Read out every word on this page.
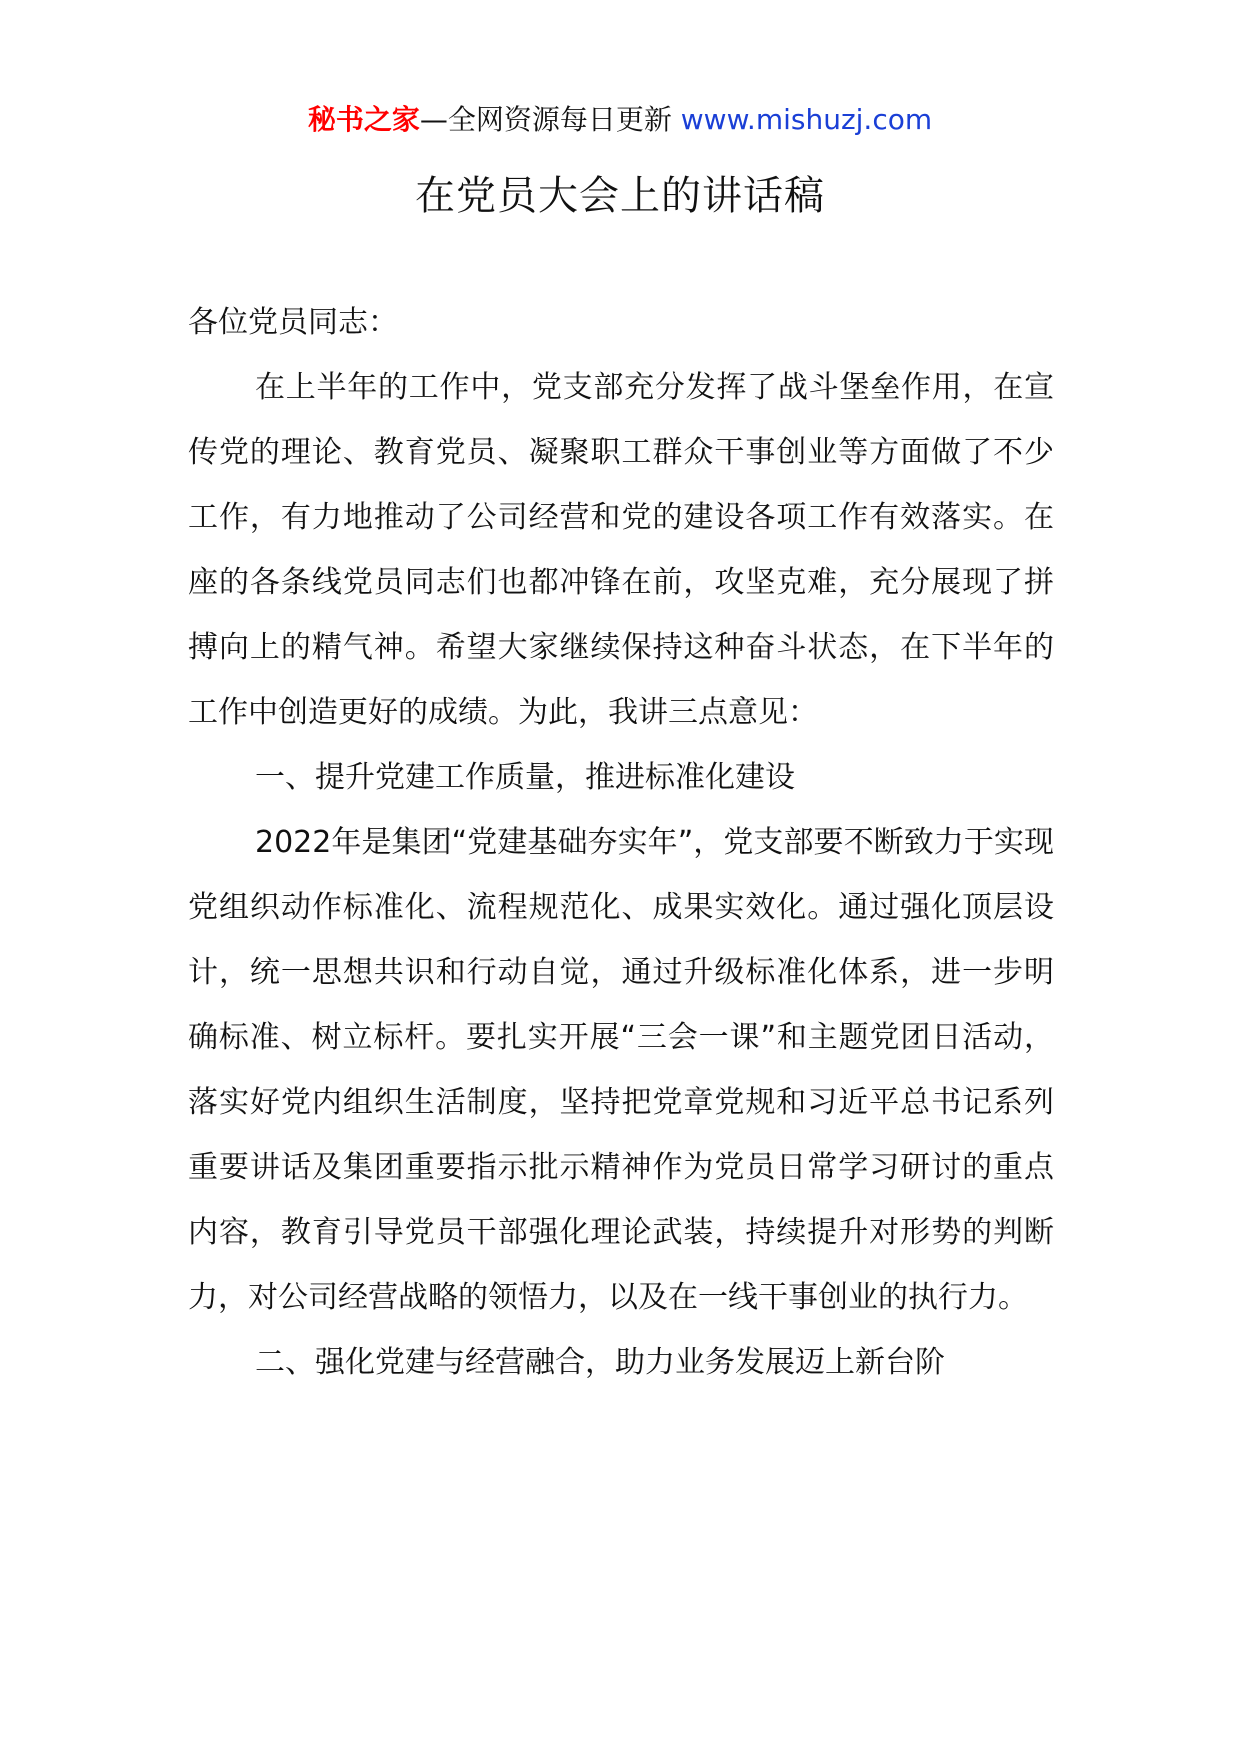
秘书之家—全网资源每日更新 www.mishuzj.com
在党员大会上的讲话稿

各位党员同志：

在上半年的工作中，党支部充分发挥了战斗堡垒作用，在宣传党的理论、教育党员、凝聚职工群众干事创业等方面做了不少工作，有力地推动了公司经营和党的建设各项工作有效落实。在座的各条线党员同志们也都冲锋在前，攻坚克难，充分展现了拼搏向上的精气神。希望大家继续保持这种奋斗状态，在下半年的工作中创造更好的成绩。为此，我讲三点意见：

一、提升党建工作质量，推进标准化建设

2022年是集团“党建基础夯实年”，党支部要不断致力于实现党组织动作标准化、流程规范化、成果实效化。通过强化顶层设计，统一思想共识和行动自觉，通过升级标准化体系，进一步明确标准、树立标杆。要扎实开展“三会一课”和主题党团日活动，落实好党内组织生活制度，坚持把党章党规和习近平总书记系列重要讲话及集团重要指示批示精神作为党员日常学习研讨的重点内容，教育引导党员干部强化理论武装，持续提升对形势的判断力，对公司经营战略的领悟力，以及在一线干事创业的执行力。

二、强化党建与经营融合，助力业务发展迈上新台阶
